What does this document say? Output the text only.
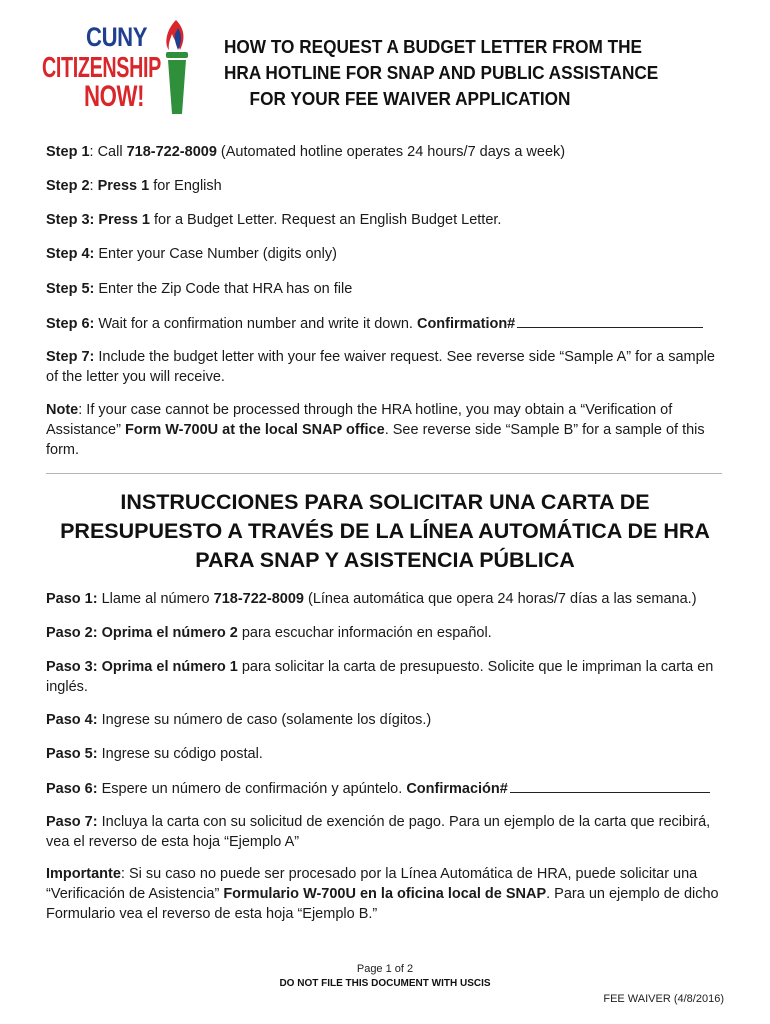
CUNY
CITIZENSHIP
NOW!
HOW TO REQUEST A BUDGET LETTER FROM THE
HRA HOTLINE FOR SNAP AND PUBLIC ASSISTANCE
FOR YOUR FEE WAIVER APPLICATION
Step 1: Call 718-722-8009 (Automated hotline operates 24 hours/7 days a week)
Step 2: Press 1 for English
Step 3: Press 1 for a Budget Letter. Request an English Budget Letter.
Step 4: Enter your Case Number (digits only)
Step 5: Enter the Zip Code that HRA has on file
Step 6: Wait for a confirmation number and write it down. Confirmation#
Step 7: Include the budget letter with your fee waiver request. See reverse side “Sample A” for a sample of the letter you will receive.
Note: If your case cannot be processed through the HRA hotline, you may obtain a “Verification of Assistance” Form W-700U at the local SNAP office. See reverse side “Sample B” for a sample of this form.
INSTRUCCIONES PARA SOLICITAR UNA CARTA DE
PRESUPUESTO A TRAVÉS DE LA LÍNEA AUTOMÁTICA DE HRA
PARA SNAP Y ASISTENCIA PÚBLICA
Paso 1: Llame al número 718-722-8009 (Línea automática que opera 24 horas/7 días a las semana.)
Paso 2: Oprima el número 2 para escuchar información en español.
Paso 3: Oprima el número 1 para solicitar la carta de presupuesto. Solicite que le impriman la carta en inglés.
Paso 4: Ingrese su número de caso (solamente los dígitos.)
Paso 5: Ingrese su código postal.
Paso 6: Espere un número de confirmación y apúntelo. Confirmación#
Paso 7: Incluya la carta con su solicitud de exención de pago. Para un ejemplo de la carta que recibirá, vea el reverso de esta hoja “Ejemplo A”
Importante: Si su caso no puede ser procesado por la Línea Automática de HRA, puede solicitar una “Verificación de Asistencia” Formulario W-700U en la oficina local de SNAP. Para un ejemplo de dicho Formulario vea el reverso de esta hoja “Ejemplo B.”
Page 1 of 2
DO NOT FILE THIS DOCUMENT WITH USCIS
FEE WAIVER (4/8/2016)
